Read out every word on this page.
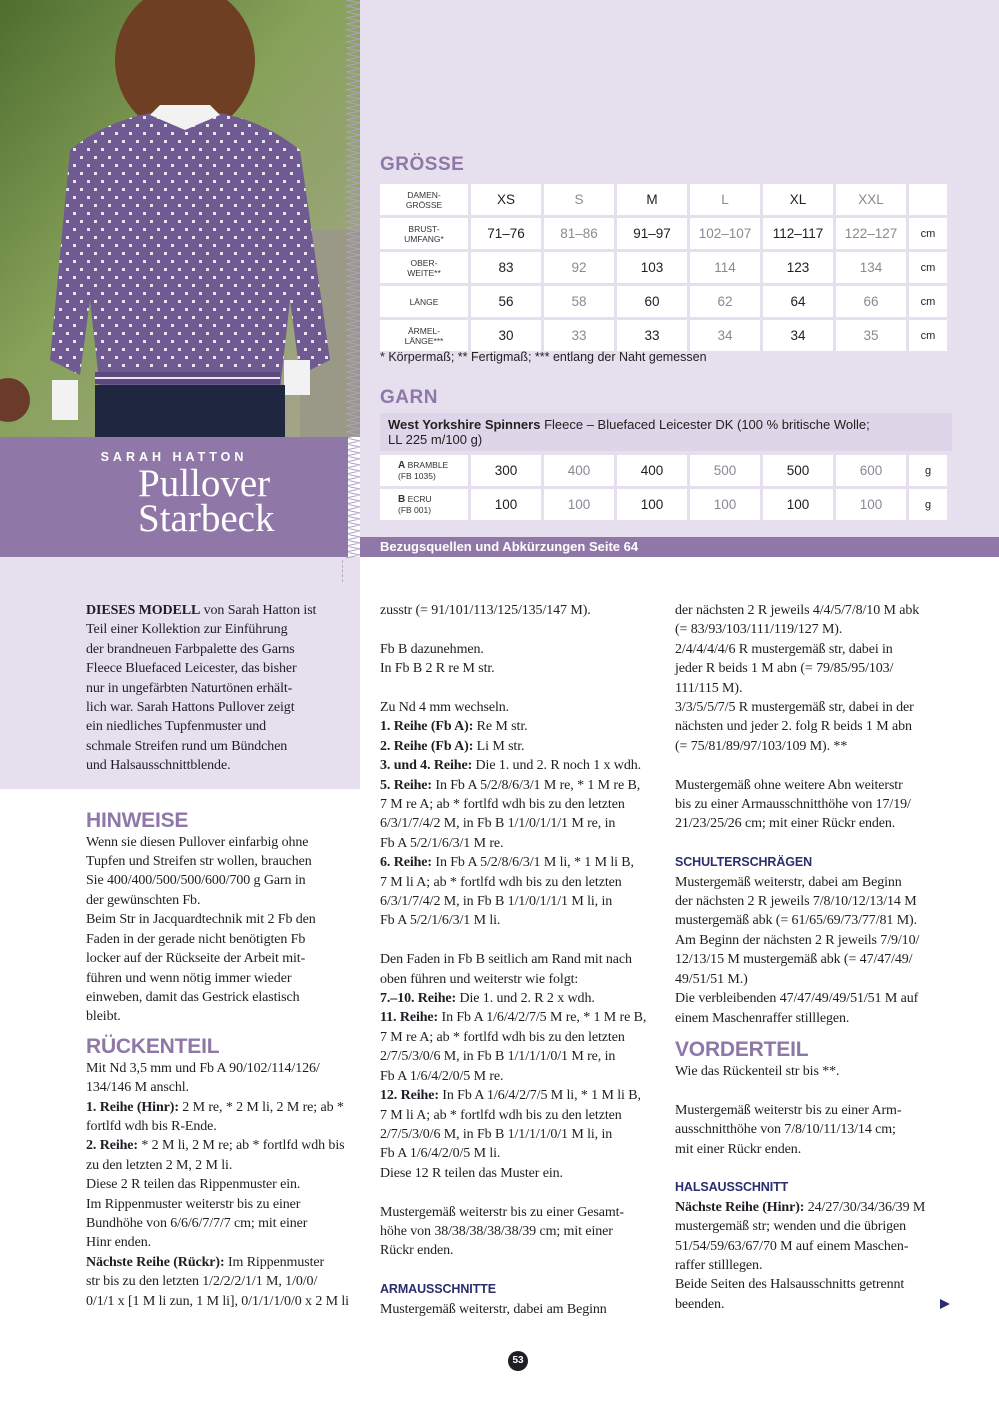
SARAH HATTON
Pullover
Starbeck
GRÖSSE
DAMEN-
GRÖSSE	XS	S	M	L	XL	XXL	
BRUST-
UMFANG*	71–76	81–86	91–97	102–107	112–117	122–127	cm
OBER-
WEITE**	83	92	103	114	123	134	cm
LÄNGE	56	58	60	62	64	66	cm
ÄRMEL-
LÄNGE***	30	33	33	34	34	35	cm
* Körpermaß; ** Fertigmaß; *** entlang der Naht gemessen
GARN
West Yorkshire Spinners Fleece – Bluefaced Leicester DK (100 % britische Wolle;
LL 225 m/100 g)
A BRAMBLE
(FB 1035)	300	400	400	500	500	600	g
B ECRU
(FB 001)	100	100	100	100	100	100	g
Bezugsquellen und Abkürzungen Seite 64

DIESES MODELL von Sarah Hatton ist
Teil einer Kollektion zur Einführung
der brandneuen Farbpalette des Garns
Fleece Bluefaced Leicester, das bisher
nur in ungefärbten Naturtönen erhält-
lich war. Sarah Hattons Pullover zeigt
ein niedliches Tupfenmuster und
schmale Streifen rund um Bündchen
und Halsausschnittblende.

HINWEISE

Wenn sie diesen Pullover einfarbig ohne
Tupfen und Streifen str wollen, brauchen
Sie 400/400/500/500/600/700 g Garn in
der gewünschten Fb.
Beim Str in Jacquardtechnik mit 2 Fb den
Faden in der gerade nicht benötigten Fb
locker auf der Rückseite der Arbeit mit-
führen und wenn nötig immer wieder
einweben, damit das Gestrick elastisch
bleibt.

RÜCKENTEIL

Mit Nd 3,5 mm und Fb A 90/102/114/126/
134/146 M anschl.

1. Reihe (Hinr): 2 M re, * 2 M li, 2 M re; ab *
fortlfd wdh bis R-Ende.

2. Reihe: * 2 M li, 2 M re; ab * fortlfd wdh bis
zu den letzten 2 M, 2 M li.
Diese 2 R teilen das Rippenmuster ein.
Im Rippenmuster weiterstr bis zu einer
Bundhöhe von 6/6/6/7/7/7 cm; mit einer
Hinr enden.

Nächste Reihe (Rückr): Im Rippenmuster
str bis zu den letzten 1/2/2/2/1/1 M, 1/0/0/
0/1/1 x [1 M li zun, 1 M li], 0/1/1/1/0/0 x 2 M li

zusstr (= 91/101/113/125/135/147 M).

Fb B dazunehmen.
In Fb B 2 R re M str.

Zu Nd 4 mm wechseln.

1. Reihe (Fb A): Re M str.

2. Reihe (Fb A): Li M str.

3. und 4. Reihe: Die 1. und 2. R noch 1 x wdh.

5. Reihe: In Fb A 5/2/8/6/3/1 M re, * 1 M re B,
7 M re A; ab * fortlfd wdh bis zu den letzten
6/3/1/7/4/2 M, in Fb B 1/1/0/1/1/1 M re, in
Fb A 5/2/1/6/3/1 M re.

6. Reihe: In Fb A 5/2/8/6/3/1 M li, * 1 M li B,
7 M li A; ab * fortlfd wdh bis zu den letzten
6/3/1/7/4/2 M, in Fb B 1/1/0/1/1/1 M li, in
Fb A 5/2/1/6/3/1 M li.

Den Faden in Fb B seitlich am Rand mit nach
oben führen und weiterstr wie folgt:

7.–10. Reihe: Die 1. und 2. R 2 x wdh.

11. Reihe: In Fb A 1/6/4/2/7/5 M re, * 1 M re B,
7 M re A; ab * fortlfd wdh bis zu den letzten
2/7/5/3/0/6 M, in Fb B 1/1/1/1/0/1 M re, in
Fb A 1/6/4/2/0/5 M re.

12. Reihe: In Fb A 1/6/4/2/7/5 M li, * 1 M li B,
7 M li A; ab * fortlfd wdh bis zu den letzten
2/7/5/3/0/6 M, in Fb B 1/1/1/1/0/1 M li, in
Fb A 1/6/4/2/0/5 M li.
Diese 12 R teilen das Muster ein.

Mustergemäß weiterstr bis zu einer Gesamt-
höhe von 38/38/38/38/38/39 cm; mit einer
Rückr enden.

ARMAUSSCHNITTE

Mustergemäß weiterstr, dabei am Beginn

der nächsten 2 R jeweils 4/4/5/7/8/10 M abk
(= 83/93/103/111/119/127 M).
2/4/4/4/4/6 R mustergemäß str, dabei in
jeder R beids 1 M abn (= 79/85/95/103/
111/115 M).
3/3/5/5/7/5 R mustergemäß str, dabei in der
nächsten und jeder 2. folg R beids 1 M abn
(= 75/81/89/97/103/109 M). **

Mustergemäß ohne weitere Abn weiterstr
bis zu einer Armausschnitthöhe von 17/19/
21/23/25/26 cm; mit einer Rückr enden.

SCHULTERSCHRÄGEN

Mustergemäß weiterstr, dabei am Beginn
der nächsten 2 R jeweils 7/8/10/12/13/14 M
mustergemäß abk (= 61/65/69/73/77/81 M).
Am Beginn der nächsten 2 R jeweils 7/9/10/
12/13/15 M mustergemäß abk (= 47/47/49/
49/51/51 M.)
Die verbleibenden 47/47/49/49/51/51 M auf
einem Maschenraffer stilllegen.

VORDERTEIL

Wie das Rückenteil str bis **.

Mustergemäß weiterstr bis zu einer Arm-
ausschnitthöhe von 7/8/10/11/13/14 cm;
mit einer Rückr enden.

HALSAUSSCHNITT

Nächste Reihe (Hinr): 24/27/30/34/36/39 M
mustergemäß str; wenden und die übrigen
51/54/59/63/67/70 M auf einem Maschen-
raffer stilllegen.
Beide Seiten des Halsausschnitts getrennt
beenden.

53
